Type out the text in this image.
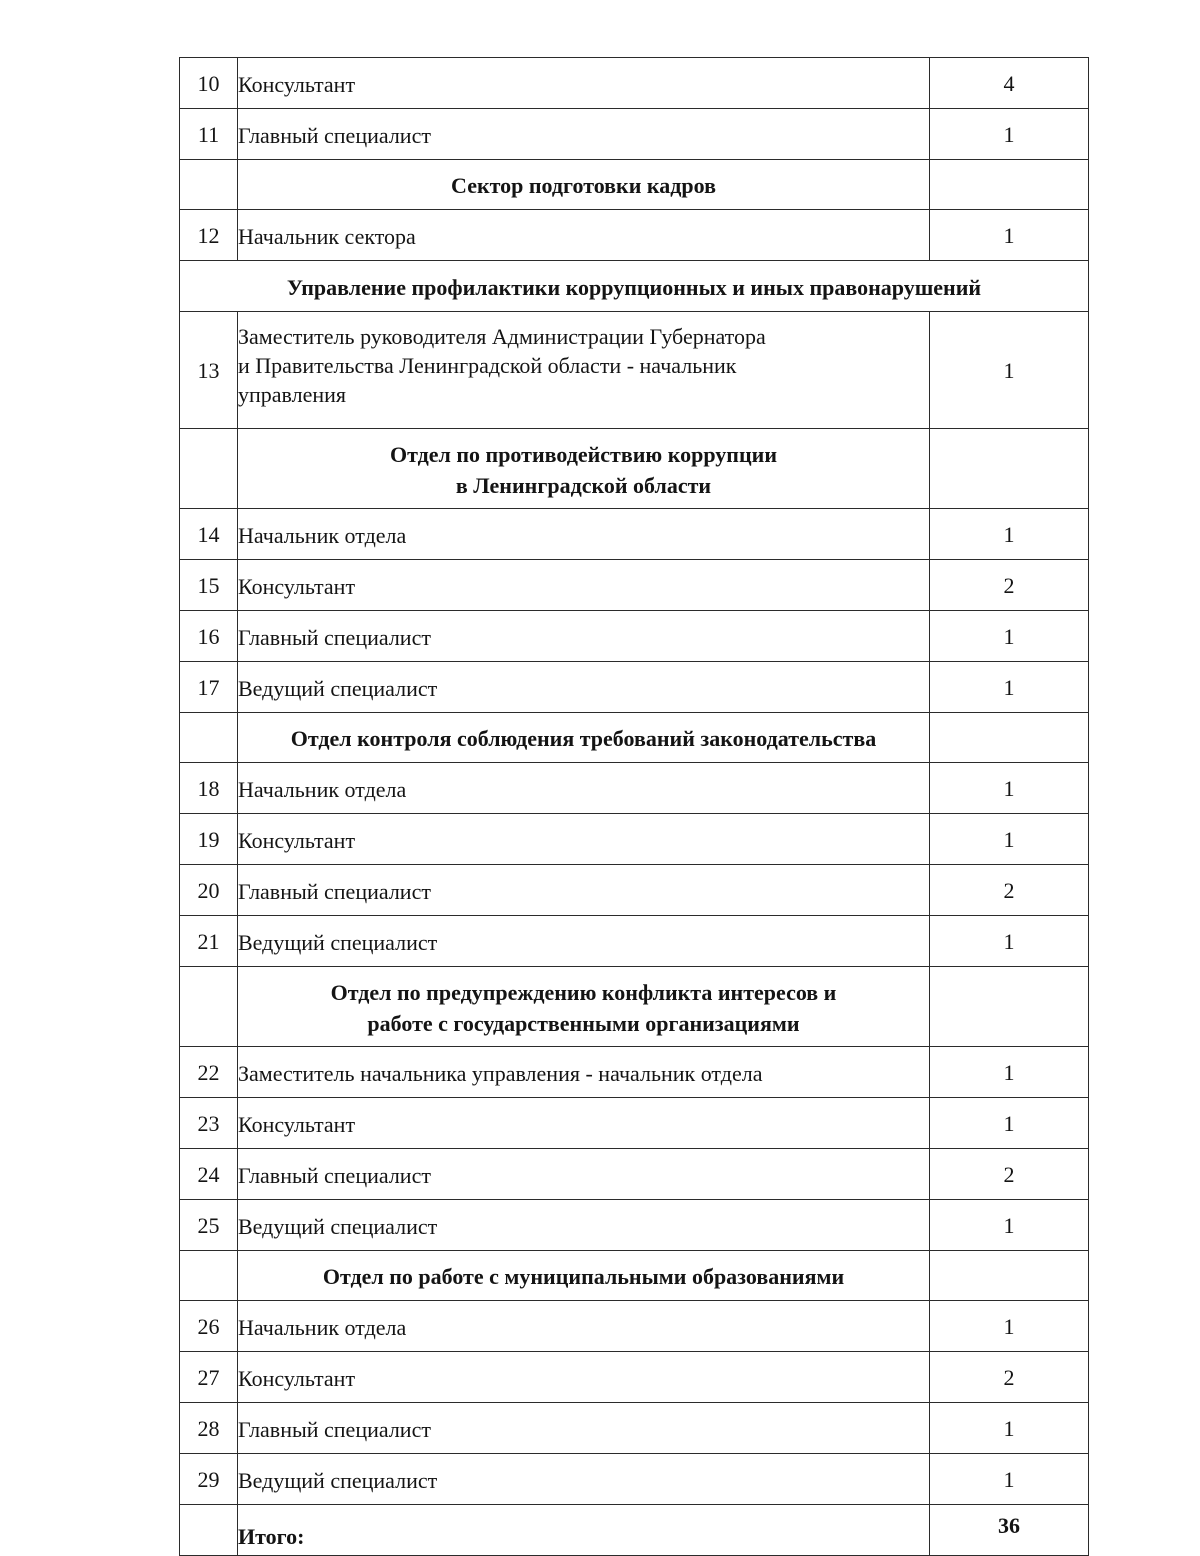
10	Консультант	4
11	Главный специалист	1
	Сектор подготовки кадров	
12	Начальник сектора	1
Управление профилактики коррупционных и иных правонарушений		
13	Заместитель руководителя Администрации Губернатора
и Правительства Ленинградской области - начальник
управления	1

	Отдел по противодействию коррупции
в Ленинградской области	

14	Начальник отдела	1
15	Консультант	2
16	Главный специалист	1
17	Ведущий специалист	1
	Отдел контроля соблюдения требований законодательства	
18	Начальник отдела	1
19	Консультант	1
20	Главный специалист	2
21	Ведущий специалист	1

	Отдел по предупреждению конфликта интересов и
работе с государственными организациями	

22	Заместитель начальника управления - начальник отдела	1
23	Консультант	1
24	Главный специалист	2
25	Ведущий специалист	1
	Отдел по работе с муниципальными образованиями	
26	Начальник отдела	1
27	Консультант	2
28	Главный специалист	1
29	Ведущий специалист	1
	Итого:	36
